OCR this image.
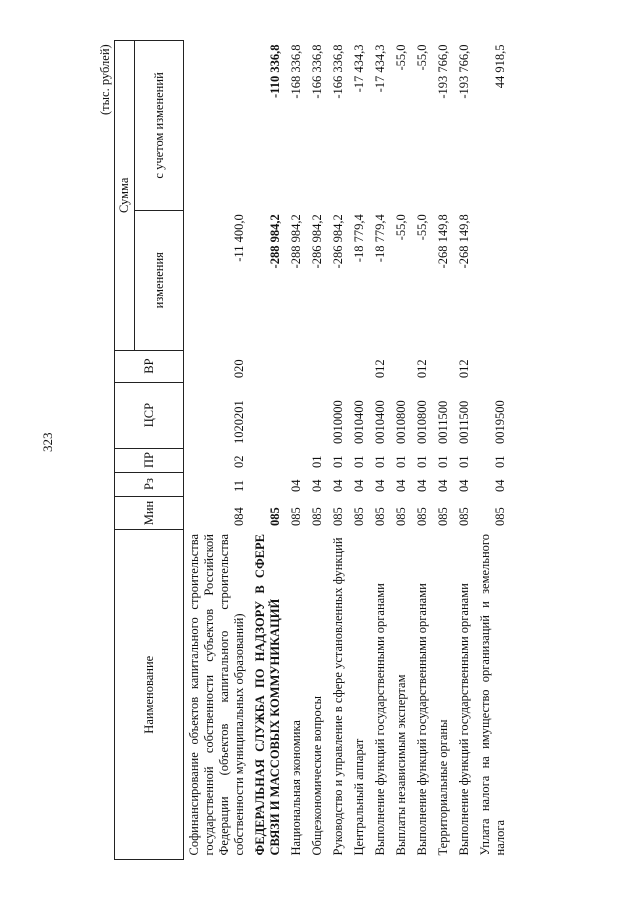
323
(тыс. рублей)
Наименование	Мин	Рз	ПР	ЦСР	ВР	Сумма	
						изменения	с учетом изменений
Софинансирование объектов капитального строительства государственной собственности субъектов Российской Федерации (объектов капитального строительства собственности муниципальных образований)	084	11	02	1020201	020	-11 400,0	
ФЕДЕРАЛЬНАЯ СЛУЖБА ПО НАДЗОРУ В СФЕРЕ СВЯЗИ И МАССОВЫХ КОММУНИКАЦИЙ	085					-288 984,2	-110 336,8
Национальная экономика	085	04				-288 984,2	-168 336,8
Общеэкономические вопросы	085	04	01			-286 984,2	-166 336,8
Руководство и управление в сфере установленных функций	085	04	01	0010000		-286 984,2	-166 336,8
Центральный аппарат	085	04	01	0010400		-18 779,4	-17 434,3
Выполнение функций государственными органами	085	04	01	0010400	012	-18 779,4	-17 434,3
Выплаты независимым экспертам	085	04	01	0010800		-55,0	-55,0
Выполнение функций государственными органами	085	04	01	0010800	012	-55,0	-55,0
Территориальные органы	085	04	01	0011500		-268 149,8	-193 766,0
Выполнение функций государственными органами	085	04	01	0011500	012	-268 149,8	-193 766,0
Уплата налога на имущество организаций и земельного налога	085	04	01	0019500			44 918,5
